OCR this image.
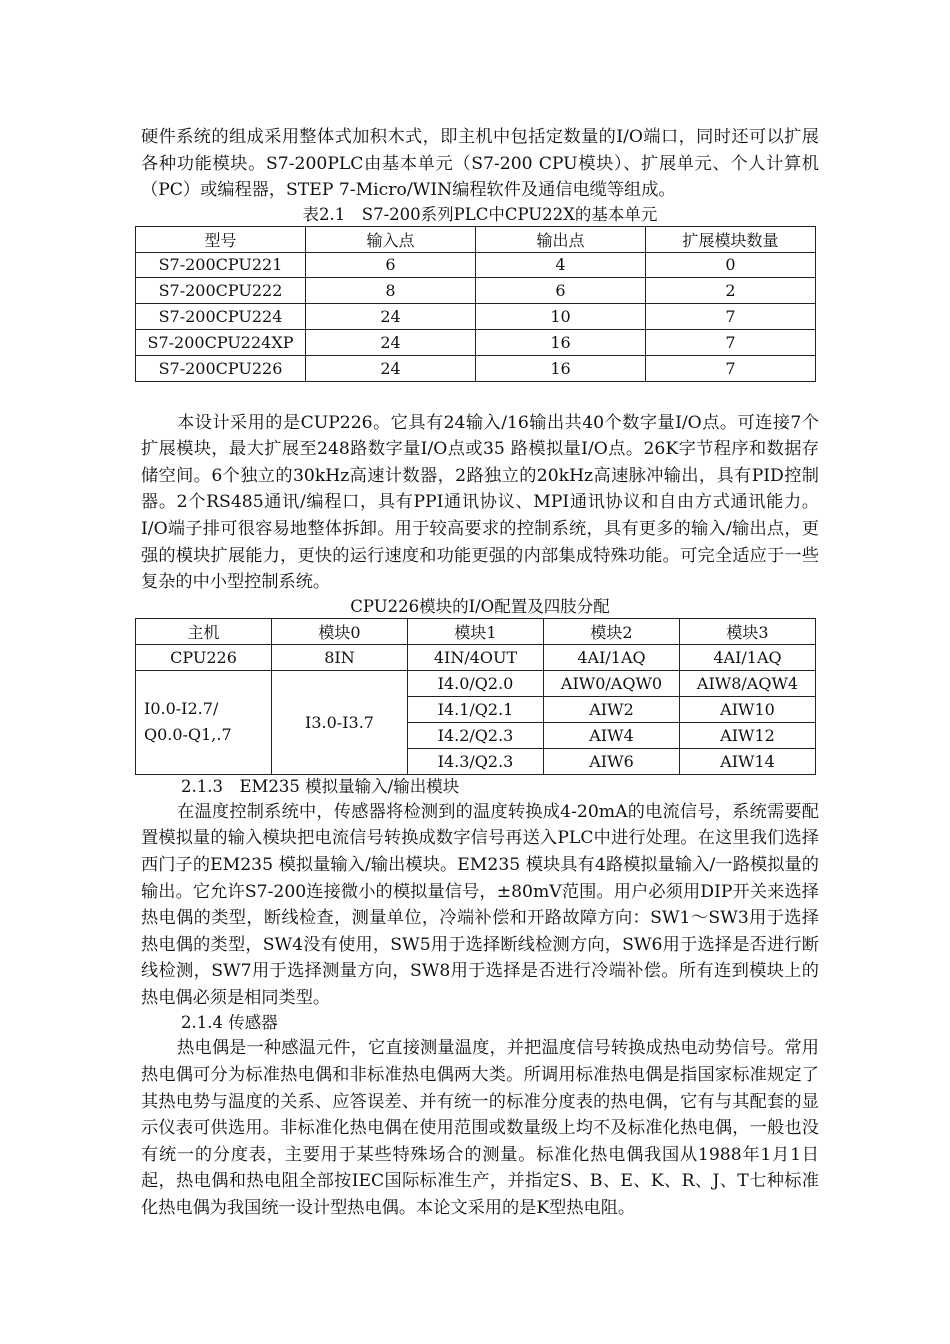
硬件系统的组成采用整体式加积木式，即主机中包括定数量的I/O端口，同时还可以扩展各种功能模块。S7-200PLC由基本单元（S7-200 CPU模块）、扩展单元、个人计算机（PC）或编程器，STEP 7-Micro/WIN编程软件及通信电缆等组成。

表2.1　S7-200系列PLC中CPU22X的基本单元
型号	输入点	输出点	扩展模块数量
S7-200CPU221	6	4	0
S7-200CPU222	8	6	2
S7-200CPU224	24	10	7
S7-200CPU224XP	24	16	7
S7-200CPU226	24	16	7

本设计采用的是CUP226。它具有24输入/16输出共40个数字量I/O点。可连接7个扩展模块，最大扩展至248路数字量I/O点或35 路模拟量I/O点。26K字节程序和数据存储空间。6个独立的30kHz高速计数器，2路独立的20kHz高速脉冲输出，具有PID控制器。2个RS485通讯/编程口，具有PPI通讯协议、MPI通讯协议和自由方式通讯能力。I/O端子排可很容易地整体拆卸。用于较高要求的控制系统，具有更多的输入/输出点，更强的模块扩展能力，更快的运行速度和功能更强的内部集成特殊功能。可完全适应于一些复杂的中小型控制系统。

CPU226模块的I/O配置及四肢分配
主机	模块0	模块1	模块2	模块3
CPU226	8IN	4IN/4OUT	4AI/1AQ	4AI/1AQ
I0.0-I2.7/
Q0.0-Q1,.7	I3.0-I3.7	I4.0/Q2.0	AIW0/AQW0	AIW8/AQW4
		I4.1/Q2.1	AIW2	AIW10
		I4.2/Q2.3	AIW4	AIW12
		I4.3/Q2.3	AIW6	AIW14
2.1.3　EM235 模拟量输入/输出模块

在温度控制系统中，传感器将检测到的温度转换成4-20mA的电流信号，系统需要配置模拟量的输入模块把电流信号转换成数字信号再送入PLC中进行处理。在这里我们选择西门子的EM235 模拟量输入/输出模块。EM235 模块具有4路模拟量输入/一路模拟量的输出。它允许S7-200连接微小的模拟量信号，±80mV范围。用户必须用DIP开关来选择热电偶的类型，断线检查，测量单位，冷端补偿和开路故障方向：SW1～SW3用于选择热电偶的类型，SW4没有使用，SW5用于选择断线检测方向，SW6用于选择是否进行断线检测，SW7用于选择测量方向，SW8用于选择是否进行冷端补偿。所有连到模块上的热电偶必须是相同类型。

2.1.4 传感器

热电偶是一种感温元件，它直接测量温度，并把温度信号转换成热电动势信号。常用热电偶可分为标准热电偶和非标准热电偶两大类。所调用标准热电偶是指国家标准规定了其热电势与温度的关系、应答误差、并有统一的标准分度表的热电偶，它有与其配套的显示仪表可供选用。非标准化热电偶在使用范围或数量级上均不及标准化热电偶，一般也没有统一的分度表，主要用于某些特殊场合的测量。标准化热电偶我国从1988年1月1日起，热电偶和热电阻全部按IEC国际标准生产，并指定S、B、E、K、R、J、T七种标准化热电偶为我国统一设计型热电偶。本论文采用的是K型热电阻。
